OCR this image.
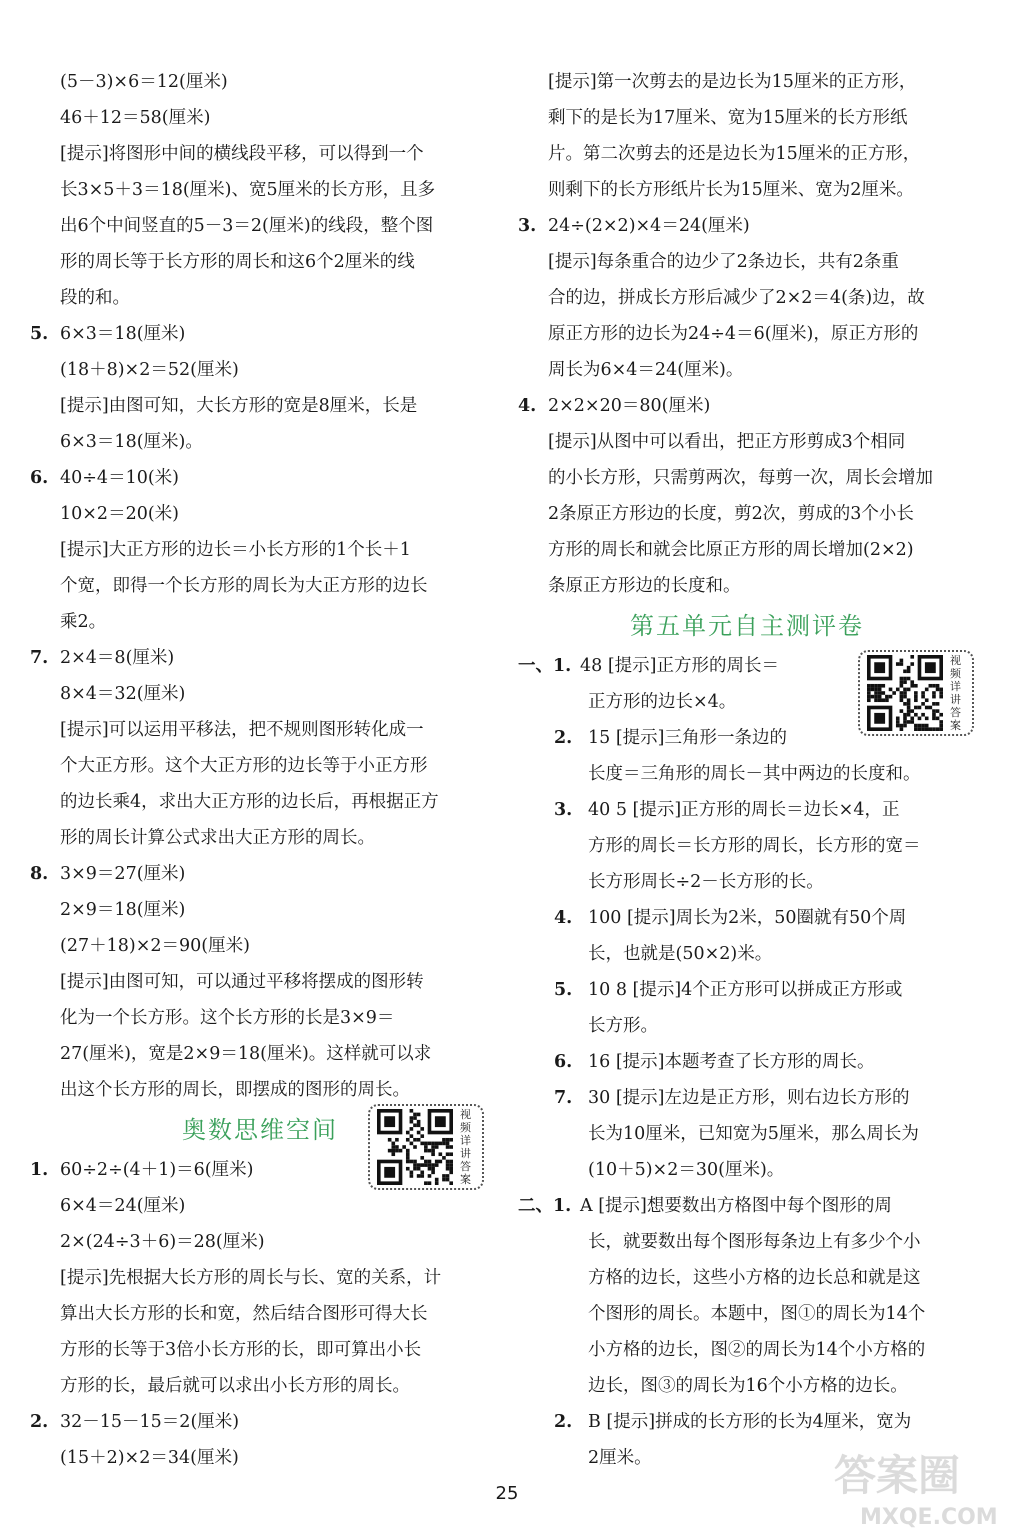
(5－3)×6＝12(厘米)
46＋12＝58(厘米)
[提示]将图形中间的横线段平移，可以得到一个
长3×5＋3＝18(厘米)、宽5厘米的长方形，且多
出6个中间竖直的5－3＝2(厘米)的线段，整个图
形的周长等于长方形的周长和这6个2厘米的线
段的和。
5. 6×3＝18(厘米)
(18＋8)×2＝52(厘米)
[提示]由图可知，大长方形的宽是8厘米，长是
6×3＝18(厘米)。
6. 40÷4＝10(米)
10×2＝20(米)
[提示]大正方形的边长＝小长方形的1个长＋1
个宽，即得一个长方形的周长为大正方形的边长
乘2。
7. 2×4＝8(厘米)
8×4＝32(厘米)
[提示]可以运用平移法，把不规则图形转化成一
个大正方形。这个大正方形的边长等于小正方形
的边长乘4，求出大正方形的边长后，再根据正方
形的周长计算公式求出大正方形的周长。
8. 3×9＝27(厘米)
2×9＝18(厘米)
(27＋18)×2＝90(厘米)
[提示]由图可知，可以通过平移将摆成的图形转
化为一个长方形。这个长方形的长是3×9＝
27(厘米)，宽是2×9＝18(厘米)。这样就可以求
出这个长方形的周长，即摆成的图形的周长。
奥数思维空间
1. 60÷2÷(4＋1)＝6(厘米)
6×4＝24(厘米)
2×(24÷3＋6)＝28(厘米)
[提示]先根据大长方形的周长与长、宽的关系，计
算出大长方形的长和宽，然后结合图形可得大长
方形的长等于3倍小长方形的长，即可算出小长
方形的长，最后就可以求出小长方形的周长。
2. 32－15－15＝2(厘米)
(15＋2)×2＝34(厘米)
[提示]第一次剪去的是边长为15厘米的正方形，
剩下的是长为17厘米、宽为15厘米的长方形纸
片。第二次剪去的还是边长为15厘米的正方形，
则剩下的长方形纸片长为15厘米、宽为2厘米。
3. 24÷(2×2)×4＝24(厘米)
[提示]每条重合的边少了2条边长，共有2条重
合的边，拼成长方形后减少了2×2＝4(条)边，故
原正方形的边长为24÷4＝6(厘米)，原正方形的
周长为6×4＝24(厘米)。
4. 2×2×20＝80(厘米)
[提示]从图中可以看出，把正方形剪成3个相同
的小长方形，只需剪两次，每剪一次，周长会增加
2条原正方形边的长度，剪2次，剪成的3个小长
方形的周长和就会比原正方形的周长增加(2×2)
条原正方形边的长度和。
第五单元自主测评卷
一、1. 48 [提示]正方形的周长＝
正方形的边长×4。
2. 15 [提示]三角形一条边的
长度＝三角形的周长－其中两边的长度和。
3. 40 5 [提示]正方形的周长＝边长×4，正
方形的周长＝长方形的周长，长方形的宽＝
长方形周长÷2－长方形的长。
4. 100 [提示]周长为2米，50圈就有50个周
长，也就是(50×2)米。
5. 10 8 [提示]4个正方形可以拼成正方形或
长方形。
6. 16 [提示]本题考查了长方形的周长。
7. 30 [提示]左边是正方形，则右边长方形的
长为10厘米，已知宽为5厘米，那么周长为
(10＋5)×2＝30(厘米)。
二、1. A [提示]想要数出方格图中每个图形的周
长，就要数出每个图形每条边上有多少个小
方格的边长，这些小方格的边长总和就是这
个图形的周长。本题中，图①的周长为14个
小方格的边长，图②的周长为14个小方格的
边长，图③的周长为16个小方格的边长。
2. B [提示]拼成的长方形的长为4厘米，宽为
2厘米。
视频详讲答案
视频详讲答案
25	答案圈
MXQE.COM
